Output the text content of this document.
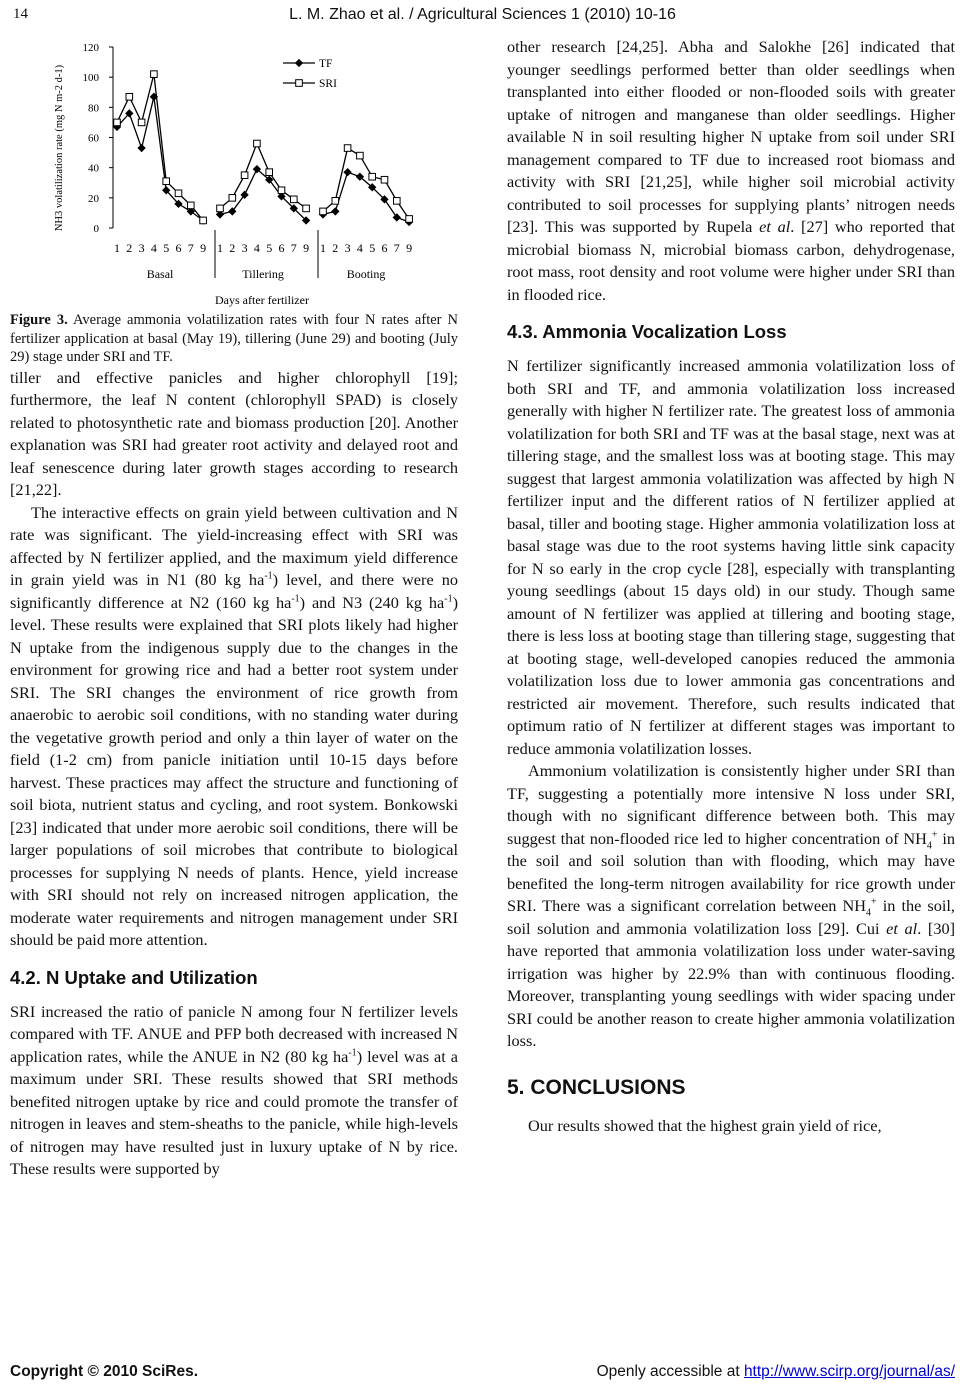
14	L. M. Zhao et al. / Agricultural Sciences 1 (2010) 10-16
0
20
40
60
80
100
120
NH3 volatilization rate (mg N m-2 d-1)
1 2 3 4 5 6 7 9
Basal
1 2 3 4 5 6 7 9
Tillering
1 2 3 4 5 6 7 9
Booting
Days after fertilizer
TF
SRI

Figure 3. Average ammonia volatilization rates with four N rates after N fertilizer application at basal (May 19), tillering (June 29) and booting (July 29) stage under SRI and TF.

tiller and effective panicles and higher chlorophyll [19]; furthermore, the leaf N content (chlorophyll SPAD) is closely related to photosynthetic rate and biomass production [20]. Another explanation was SRI had greater root activity and delayed root and leaf senescence during later growth stages according to research [21,22].

The interactive effects on grain yield between cultivation and N rate was significant. The yield-increasing effect with SRI was affected by N fertilizer applied, and the maximum yield difference in grain yield was in N1 (80 kg $ha^{-1}$) level, and there were no significantly difference at N2 (160 kg $ha^{-1}$) and N3 (240 kg $ha^{-1}$) level. These results were explained that SRI plots likely had higher N uptake from the indigenous supply due to the changes in the environment for growing rice and had a better root system under SRI. The SRI changes the environment of rice growth from anaerobic to aerobic soil conditions, with no standing water during the vegetative growth period and only a thin layer of water on the field (1-2 cm) from panicle initiation until 10-15 days before harvest. These practices may affect the structure and functioning of soil biota, nutrient status and cycling, and root system. Bonkowski [23] indicated that under more aerobic soil conditions, there will be larger populations of soil microbes that contribute to biological processes for supplying N needs of plants. Hence, yield increase with SRI should not rely on increased nitrogen application, the moderate water requirements and nitrogen management under SRI should be paid more attention.

4.2. N Uptake and Utilization

SRI increased the ratio of panicle N among four N fertilizer levels compared with TF. ANUE and PFP both decreased with increased N application rates, while the ANUE in N2 (80 kg $ha^{-1}$) level was at a maximum under SRI. These results showed that SRI methods benefited nitrogen uptake by rice and could promote the transfer of nitrogen in leaves and stem-sheaths to the panicle, while high-levels of nitrogen may have resulted just in luxury uptake of N by rice. These results were supported by

other research [24,25]. Abha and Salokhe [26] indicated that younger seedlings performed better than older seedlings when transplanted into either flooded or non-flooded soils with greater uptake of nitrogen and manganese than older seedlings. Higher available N in soil resulting higher N uptake from soil under SRI management compared to TF due to increased root biomass and activity with SRI [21,25], while higher soil microbial activity contributed to soil processes for supplying plants’ nitrogen needs [23]. This was supported by Rupela et al. [27] who reported that microbial biomass N, microbial biomass carbon, dehydrogenase, root mass, root density and root volume were higher under SRI than in flooded rice.

4.3. Ammonia Vocalization Loss

N fertilizer significantly increased ammonia volatilization loss of both SRI and TF, and ammonia volatilization loss increased generally with higher N fertilizer rate. The greatest loss of ammonia volatilization for both SRI and TF was at the basal stage, next was at tillering stage, and the smallest loss was at booting stage. This may suggest that largest ammonia volatilization was affected by high N fertilizer input and the different ratios of N fertilizer applied at basal, tiller and booting stage. Higher ammonia volatilization loss at basal stage was due to the root systems having little sink capacity for N so early in the crop cycle [28], especially with transplanting young seedlings (about 15 days old) in our study. Though same amount of N fertilizer was applied at tillering and booting stage, there is less loss at booting stage than tillering stage, suggesting that at booting stage, well-developed canopies reduced the ammonia volatilization loss due to lower ammonia gas concentrations and restricted air movement. Therefore, such results indicated that optimum ratio of N fertilizer at different stages was important to reduce ammonia volatilization losses.

Ammonium volatilization is consistently higher under SRI than TF, suggesting a potentially more intensive N loss under SRI, though with no significant difference between both. This may suggest that non-flooded rice led to higher concentration of $NH_4^+$ in the soil and soil solution than with flooding, which may have benefited the long-term nitrogen availability for rice growth under SRI. There was a significant correlation between $NH_4^+$ in the soil, soil solution and ammonia volatilization loss [29]. Cui et al. [30] have reported that ammonia volatilization loss under water-saving irrigation was higher by 22.9% than with continuous flooding. Moreover, transplanting young seedlings with wider spacing under SRI could be another reason to create higher ammonia volatilization loss.

5. CONCLUSIONS

Our results showed that the highest grain yield of rice,

Copyright © 2010 SciRes.	Openly accessible at http://www.scirp.org/journal/as/
